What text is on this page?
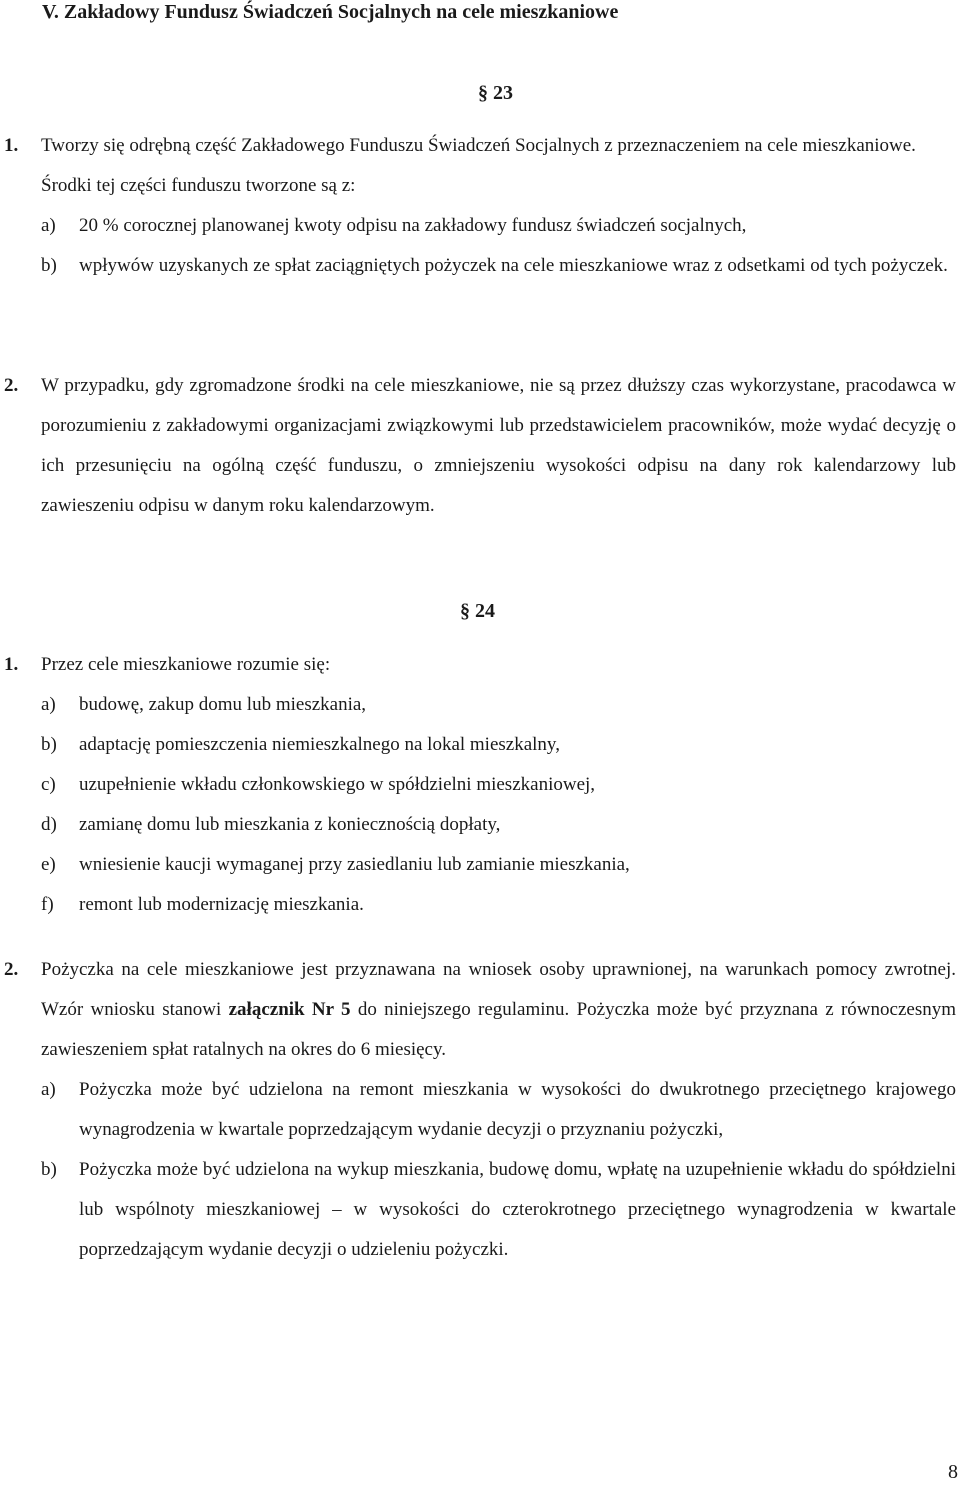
V. Zakładowy Fundusz Świadczeń Socjalnych na cele mieszkaniowe
§ 23
1.	Tworzy się odrębną część Zakładowego Funduszu Świadczeń Socjalnych z przeznaczeniem na cele mieszkaniowe.
Środki tej części funduszu tworzone są z:
a)	20 % corocznej planowanej kwoty odpisu na zakładowy fundusz świadczeń socjalnych,
b)	wpływów uzyskanych ze spłat zaciągniętych pożyczek na cele mieszkaniowe wraz z odsetkami od tych pożyczek.
2.	W przypadku, gdy zgromadzone środki na cele mieszkaniowe, nie są przez dłuższy czas wykorzystane, pracodawca w porozumieniu z zakładowymi organizacjami związkowymi lub przedstawicielem pracowników, może wydać decyzję o ich przesunięciu na ogólną część funduszu, o zmniejszeniu wysokości odpisu na dany rok kalendarzowy lub zawieszeniu odpisu w danym roku kalendarzowym.
§ 24
1.	Przez cele mieszkaniowe rozumie się:
a)	budowę, zakup domu lub mieszkania,
b)	adaptację pomieszczenia niemieszkalnego na lokal mieszkalny,
c)	uzupełnienie wkładu członkowskiego w spółdzielni mieszkaniowej,
d)	zamianę domu lub mieszkania z koniecznością dopłaty,
e)	wniesienie kaucji wymaganej przy zasiedlaniu lub zamianie mieszkania,
f)	remont lub modernizację mieszkania.
2.	Pożyczka na cele mieszkaniowe jest przyznawana na wniosek osoby uprawnionej, na warunkach pomocy zwrotnej. Wzór wniosku stanowi załącznik Nr 5 do niniejszego regulaminu. Pożyczka może być przyznana z równoczesnym zawieszeniem spłat ratalnych na okres do 6 miesięcy.
a)	Pożyczka może być udzielona na remont mieszkania w wysokości do dwukrotnego przeciętnego krajowego wynagrodzenia w kwartale poprzedzającym wydanie decyzji o przyznaniu pożyczki,
b)	Pożyczka może być udzielona na wykup mieszkania, budowę domu, wpłatę na uzupełnienie wkładu do spółdzielni lub wspólnoty mieszkaniowej – w wysokości do czterokrotnego przeciętnego wynagrodzenia w kwartale poprzedzającym wydanie decyzji o udzieleniu pożyczki.
8
